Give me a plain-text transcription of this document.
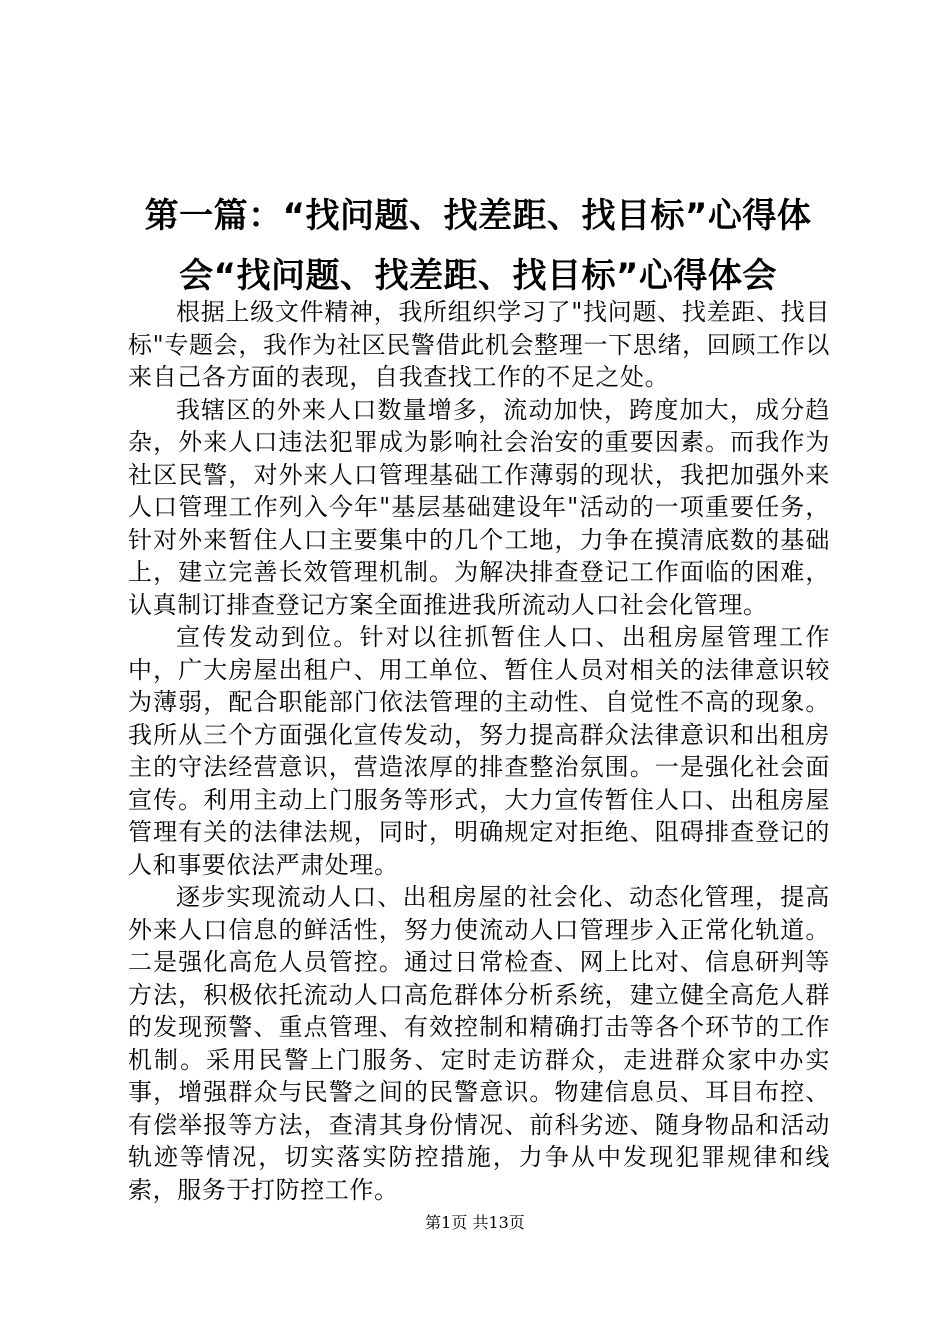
第一篇：“找问题、找差距、找目标”心得体会“找问题、找差距、找目标”心得体会

根据上级文件精神，我所组织学习了"找问题、找差距、找目标"专题会，我作为社区民警借此机会整理一下思绪，回顾工作以来自己各方面的表现，自我查找工作的不足之处。

我辖区的外来人口数量增多，流动加快，跨度加大，成分趋杂，外来人口违法犯罪成为影响社会治安的重要因素。而我作为社区民警，对外来人口管理基础工作薄弱的现状，我把加强外来人口管理工作列入今年"基层基础建设年"活动的一项重要任务，针对外来暂住人口主要集中的几个工地，力争在摸清底数的基础上，建立完善长效管理机制。为解决排查登记工作面临的困难，认真制订排查登记方案全面推进我所流动人口社会化管理。

宣传发动到位。针对以往抓暂住人口、出租房屋管理工作中，广大房屋出租户、用工单位、暂住人员对相关的法律意识较为薄弱，配合职能部门依法管理的主动性、自觉性不高的现象。我所从三个方面强化宣传发动，努力提高群众法律意识和出租房主的守法经营意识，营造浓厚的排查整治氛围。一是强化社会面宣传。利用主动上门服务等形式，大力宣传暂住人口、出租房屋管理有关的法律法规，同时，明确规定对拒绝、阻碍排查登记的人和事要依法严肃处理。

逐步实现流动人口、出租房屋的社会化、动态化管理，提高外来人口信息的鲜活性，努力使流动人口管理步入正常化轨道。二是强化高危人员管控。通过日常检查、网上比对、信息研判等方法，积极依托流动人口高危群体分析系统，建立健全高危人群的发现预警、重点管理、有效控制和精确打击等各个环节的工作机制。采用民警上门服务、定时走访群众，走进群众家中办实事，增强群众与民警之间的民警意识。物建信息员、耳目布控、有偿举报等方法，查清其身份情况、前科劣迹、随身物品和活动轨迹等情况，切实落实防控措施，力争从中发现犯罪规律和线索，服务于打防控工作。

第1页 共13页
